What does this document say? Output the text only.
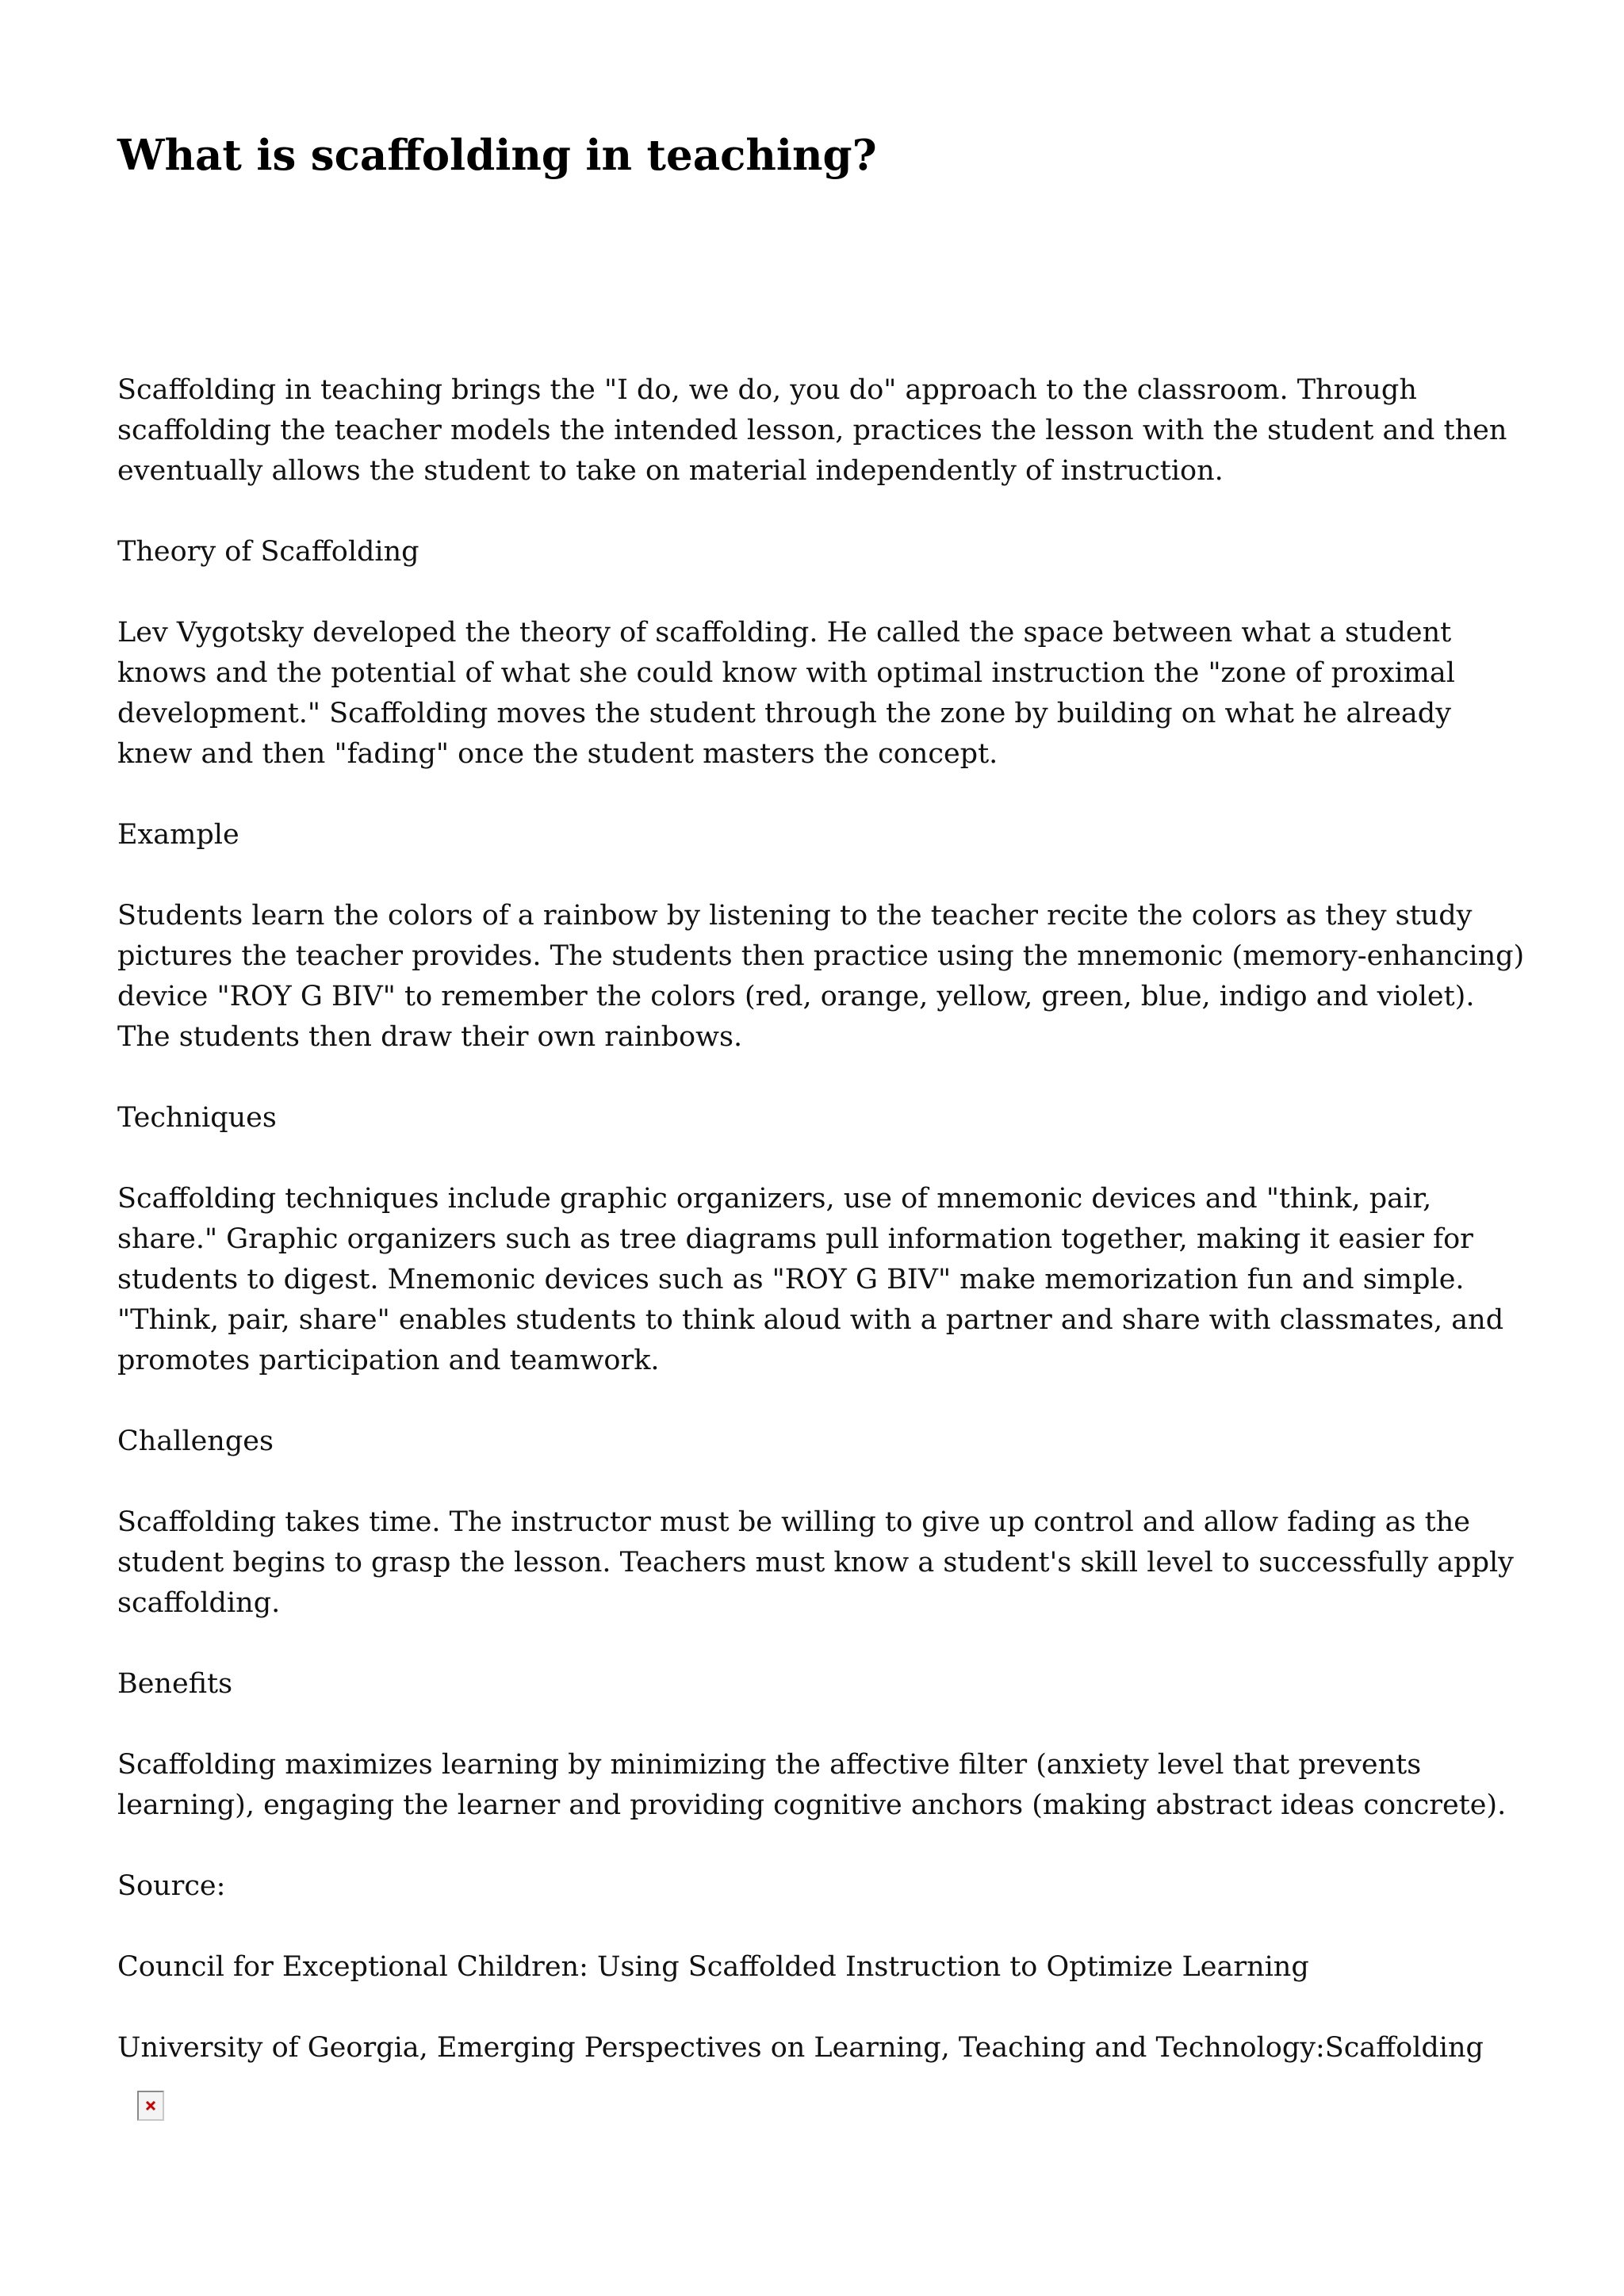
What is scaffolding in teaching?

Scaffolding in teaching brings the "I do, we do, you do" approach to the classroom. Through scaffolding the teacher models the intended lesson, practices the lesson with the student and then eventually allows the student to take on material independently of instruction.

Theory of Scaffolding

Lev Vygotsky developed the theory of scaffolding. He called the space between what a student knows and the potential of what she could know with optimal instruction the "zone of proximal development." Scaffolding moves the student through the zone by building on what he already knew and then "fading" once the student masters the concept.

Example

Students learn the colors of a rainbow by listening to the teacher recite the colors as they study pictures the teacher provides. The students then practice using the mnemonic (memory-enhancing) device "ROY G BIV" to remember the colors (red, orange, yellow, green, blue, indigo and violet). The students then draw their own rainbows.

Techniques

Scaffolding techniques include graphic organizers, use of mnemonic devices and "think, pair, share." Graphic organizers such as tree diagrams pull information together, making it easier for students to digest. Mnemonic devices such as "ROY G BIV" make memorization fun and simple. "Think, pair, share" enables students to think aloud with a partner and share with classmates, and promotes participation and teamwork.

Challenges

Scaffolding takes time. The instructor must be willing to give up control and allow fading as the student begins to grasp the lesson. Teachers must know a student's skill level to successfully apply scaffolding.

Benefits

Scaffolding maximizes learning by minimizing the affective filter (anxiety level that prevents learning), engaging the learner and providing cognitive anchors (making abstract ideas concrete).

Source:

Council for Exceptional Children: Using Scaffolded Instruction to Optimize Learning

University of Georgia, Emerging Perspectives on Learning, Teaching and Technology:Scaffolding
